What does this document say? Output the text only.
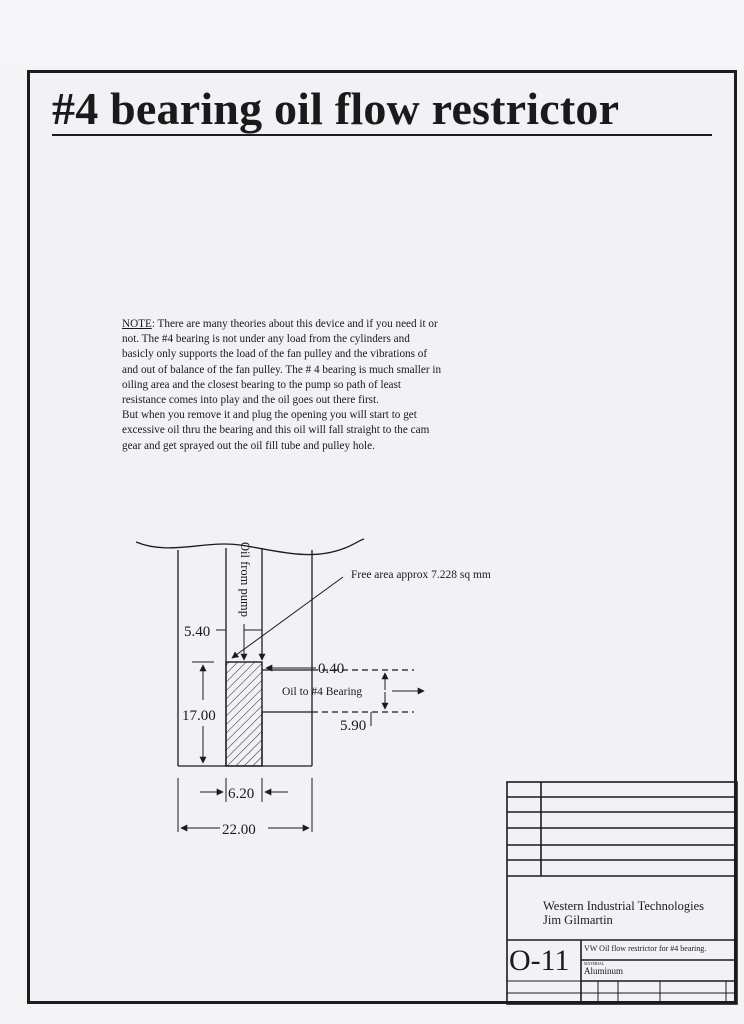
#4 bearing oil flow restrictor

NOTE: There are many theories about this device and if you need it or

not. The #4 bearing is not under any load from the cylinders and

basicly only supports the load of the fan pulley and the vibrations of

and out of balance of the fan pulley. The # 4 bearing is much smaller in

oiling area and the closest bearing to the pump so path of least

resistance comes into play and the oil goes out there first.

But when you remove it and plug the opening you will start to get

excessive oil thru the bearing and this oil will fall straight to the cam

gear and get sprayed out the oil fill tube and pulley hole.

Oil from pump	Free area approx 7.228 sq mm
Oil to #4 Bearing
5.40
0.40
17.00
5.90
6.20
22.00
Western Industrial Technologies
Jim Gilmartin
O-11 VW Oil flow restrictor for #4 bearing.
MATERIAL
Aluminum
